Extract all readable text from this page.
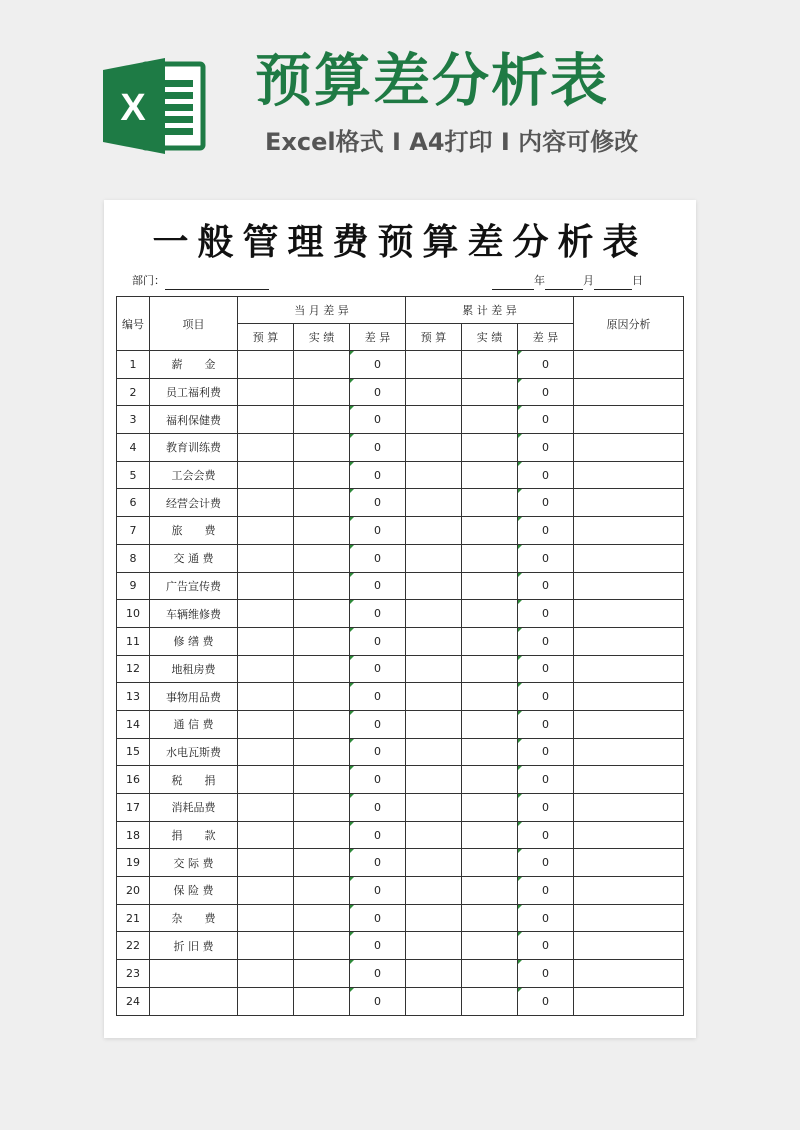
X 预算差分析表
Excel格式 I A4打印 I 内容可修改
一般管理费预算差分析表
部门：	年	月	日
编号	项目	当 月 差 异			累 计 差 异			原因分析
		预 算	实 绩	差 异	预 算	实 绩	差 异	
1	薪　　金			0			0	
2	员工福利费			0			0	
3	福利保健费			0			0	
4	教育训练费			0			0	
5	工会会费			0			0	
6	经营会计费			0			0	
7	旅　　费			0			0	
8	交 通 费			0			0	
9	广告宣传费			0			0	
10	车辆维修费			0			0	
11	修 缮 费			0			0	
12	地租房费			0			0	
13	事物用品费			0			0	
14	通 信 费			0			0	
15	水电瓦斯费			0			0	
16	税　　捐			0			0	
17	消耗品费			0			0	
18	捐　　款			0			0	
19	交 际 费			0			0	
20	保 险 费			0			0	
21	杂　　费			0			0	
22	折 旧 费			0			0	
23				0			0	
24				0			0	
